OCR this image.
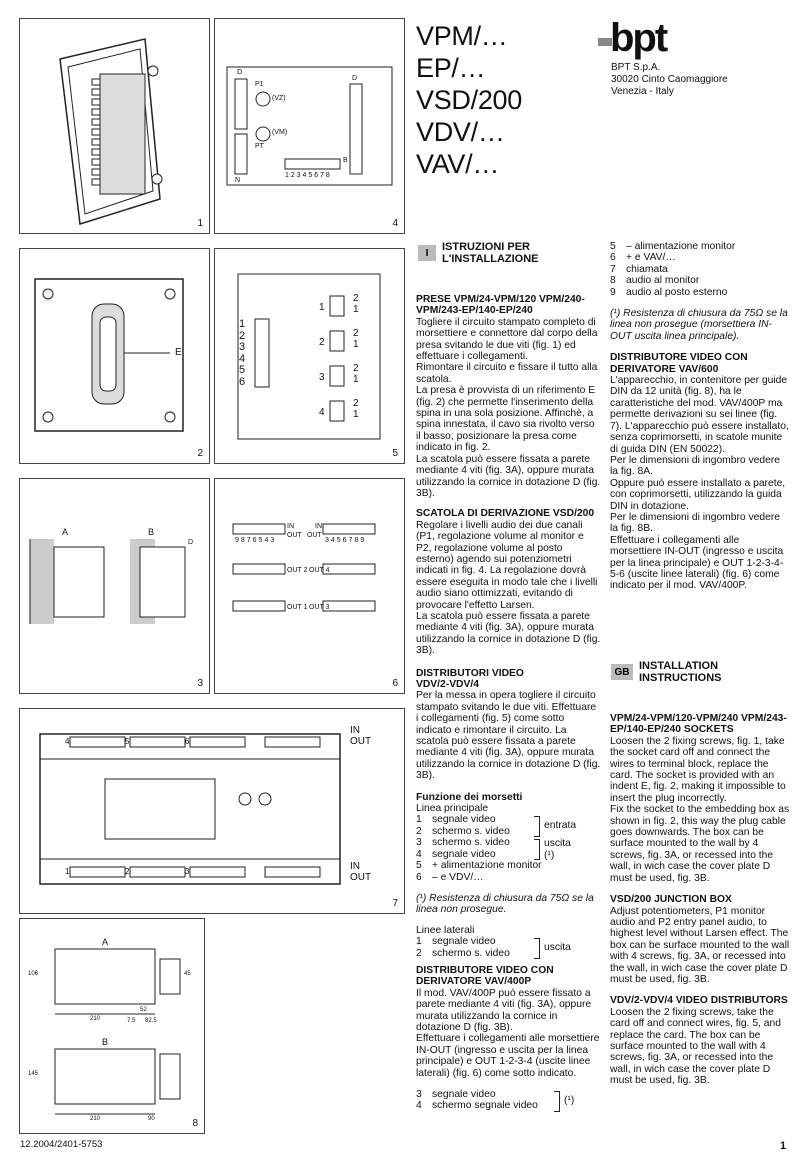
1
P1
(VZ)
(VM)
PT
B
N
D
D
1 2 3 4 5 6 7 8
4
E
2
1
2
3
4
5
6
1
2
1
2
2
1
3
2
1
4
2
1
5
A	B
D
3
IN
OUT
IN
OUT
OUT 2 OUT 4
OUT 1 OUT 3
9876543	3456789
6
IN
OUT
IN
OUT
4	5	6
1	2	3
7
A
B
106	45
210
52
7.5 82.5
145
210	90	8
VPM/…
EP/…
VSD/200
VDV/…
VAV/…
bpt
BPT S.p.A.
30020 Cinto Caomaggiore
Venezia - Italy
I	ISTRUZIONI PER
L'INSTALLAZIONE
PRESE VPM/24-VPM/120 VPM/240-VPM/243-EP/140-EP/240

Togliere il circuito stampato completo di morsettiere e connettore dal corpo della presa svitando le due viti (fig. 1) ed effettuare i collegamenti.

Rimontare il circuito e fissare il tutto alla scatola.

La presa è provvista di un riferimento E (fig. 2) che permette l'inserimento della spina in una sola posizione. Affinchè, a spina innestata, il cavo sia rivolto verso il basso, posizionare la presa come indicato in fig. 2.

La scatola può essere fissata a parete mediante 4 viti (fig. 3A), oppure murata utilizzando la cornice in dotazione D (fig. 3B).

SCATOLA DI DERIVAZIONE VSD/200

Regolare i livelli audio dei due canali (P1, regolazione volume al monitor e P2, regolazione volume al posto esterno) agendo sui potenziometri indicati in fig. 4. La regolazione dovrà essere eseguita in modo tale che i livelli audio siano ottimizzati, evitando di provocare l'effetto Larsen.

La scatola può essere fissata a parete mediante 4 viti (fig. 3A), oppure murata utilizzando la cornice in dotazione D (fig. 3B).

DISTRIBUTORI VIDEO
VDV/2-VDV/4

Per la messa in opera togliere il circuito stampato svitando le due viti. Effettuare i collegamenti (fig. 5) come sotto indicato e rimontare il circuito. La scatola può essere fissata a parete mediante 4 viti (fig. 3A), oppure murata utilizzando la cornice in dotazione D (fig. 3B).

Funzione dei morsetti
Linea principale
1 segnale video
2 schermo s. video
3 schermo s. video
4 segnale video
5 + alimentazione monitor
6 – e VDV/…
entrata
uscita
(¹)

(¹) Resistenza di chiusura da 75Ω se la linea non prosegue.

Linee laterali
1 segnale video
2 schermo s. video	uscita
DISTRIBUTORE VIDEO CON DERIVATORE VAV/400P

Il mod. VAV/400P può essere fissato a parete mediante 4 viti (fig. 3A), oppure murata utilizzando la cornice in dotazione D (fig. 3B).

Effettuare i collegamenti alle morsettiere IN-OUT (ingresso e uscita per la linea principale) e OUT 1-2-3-4 (uscite linee laterali) (fig. 6) come sotto indicato.

3 segnale video
4 schermo segnale video	(¹)
5 – alimentazione monitor
6 + e VAV/…
7 chiamata
8 audio al monitor
9 audio al posto esterno

(¹) Resistenza di chiusura da 75Ω se la linea non prosegue (morsettiera IN-OUT uscita linea principale).

DISTRIBUTORE VIDEO CON DERIVATORE VAV/600

L'apparecchio, in contenitore per guide DIN da 12 unità (fig. 8), ha le caratteristiche del mod. VAV/400P ma permette derivazioni su sei linee (fig. 7). L'apparecchio può essere installato, senza coprimorsetti, in scatole munite di guida DIN (EN 50022).

Per le dimensioni di ingombro vedere la fig. 8A.

Oppure può essere installato a parete, con coprimorsetti, utilizzando la guida DIN in dotazione.

Per le dimensioni di ingombro vedere la fig. 8B.

Effettuare i collegamenti alle morsettiere IN-OUT (ingresso e uscita per la linea principale) e OUT 1-2-3-4-5-6 (uscite linee laterali) (fig. 6) come indicato per il mod. VAV/400P.

GB INSTALLATION
INSTRUCTIONS
VPM/24-VPM/120-VPM/240 VPM/243-EP/140-EP/240 SOCKETS

Loosen the 2 fixing screws, fig. 1, take the socket card off and connect the wires to terminal block, replace the card. The socket is provided with an indent E, fig. 2, making it impossible to insert the plug incorrectly.

Fix the socket to the embedding box as shown in fig. 2, this way the plug cable goes downwards. The box can be surface mounted to the wall by 4 screws, fig. 3A, or recessed into the wall, in wich case the cover plate D must be used, fig. 3B.

VSD/200 JUNCTION BOX

Adjust potentiometers, P1 monitor audio and P2 entry panel audio, to highest level without Larsen effect. The box can be surface mounted to the wall with 4 screws, fig. 3A, or recessed into the wall, in wich case the cover plate D must be used, fig. 3B.

VDV/2-VDV/4 VIDEO DISTRIBUTORS

Loosen the 2 fixing screws, take the card off and connect wires, fig. 5, and replace the card. The box can be surface mounted to the wall with 4 screws, fig. 3A, or recessed into the wall, in wich case the cover plate D must be used, fig. 3B.

12.2004/2401-5753	1
